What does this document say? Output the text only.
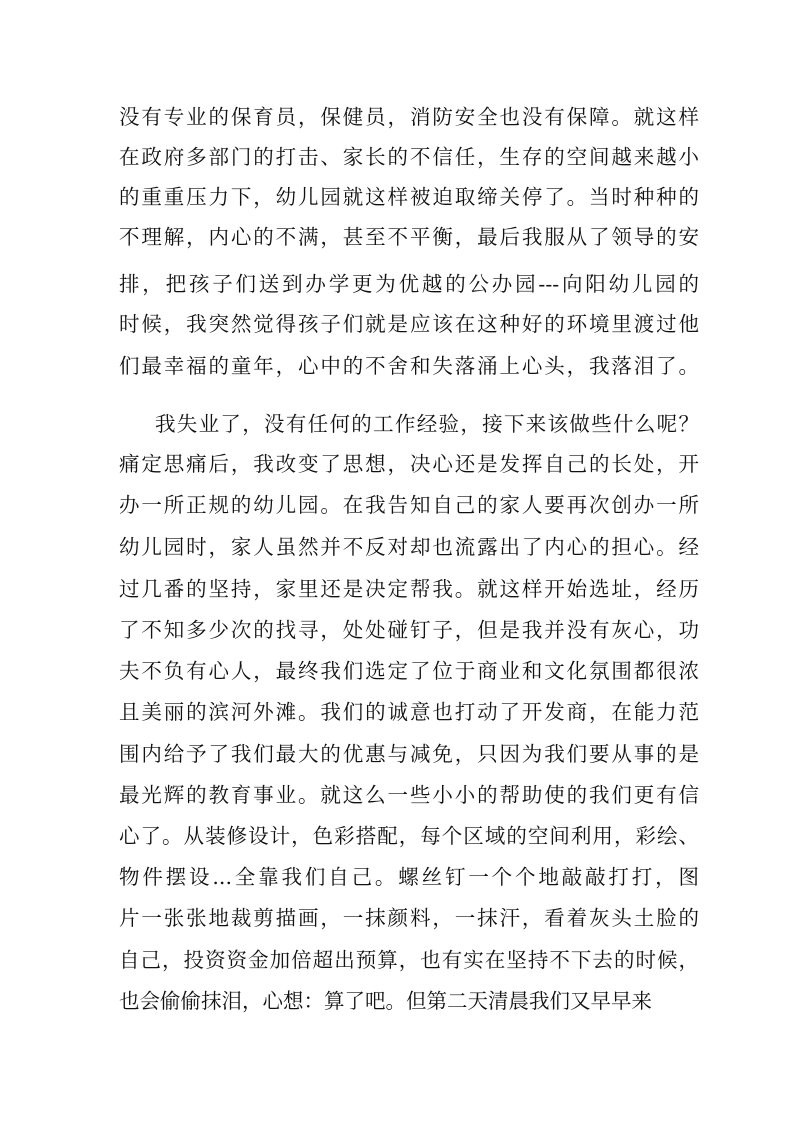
没有专业的保育员，保健员，消防安全也没有保障。就这样
在政府多部门的打击、家长的不信任，生存的空间越来越小
的重重压力下，幼儿园就这样被迫取缔关停了。当时种种的
不理解，内心的不满，甚至不平衡，最后我服从了领导的安
排，把孩子们送到办学更为优越的公办园---向阳幼儿园的
时候，我突然觉得孩子们就是应该在这种好的环境里渡过他
们最幸福的童年，心中的不舍和失落涌上心头，我落泪了。
我失业了，没有任何的工作经验，接下来该做些什么呢？
痛定思痛后，我改变了思想，决心还是发挥自己的长处，开
办一所正规的幼儿园。在我告知自己的家人要再次创办一所
幼儿园时，家人虽然并不反对却也流露出了内心的担心。经
过几番的坚持，家里还是决定帮我。就这样开始选址，经历
了不知多少次的找寻，处处碰钉子，但是我并没有灰心，功
夫不负有心人，最终我们选定了位于商业和文化氛围都很浓
且美丽的滨河外滩。我们的诚意也打动了开发商，在能力范
围内给予了我们最大的优惠与减免，只因为我们要从事的是
最光辉的教育事业。就这么一些小小的帮助使的我们更有信
心了。从装修设计，色彩搭配，每个区域的空间利用，彩绘、
物件摆设...全靠我们自己。螺丝钉一个个地敲敲打打，图
片一张张地裁剪描画，一抹颜料，一抹汗，看着灰头土脸的
自己，投资资金加倍超出预算，也有实在坚持不下去的时候，
也会偷偷抹泪，心想：算了吧。但第二天清晨我们又早早来
